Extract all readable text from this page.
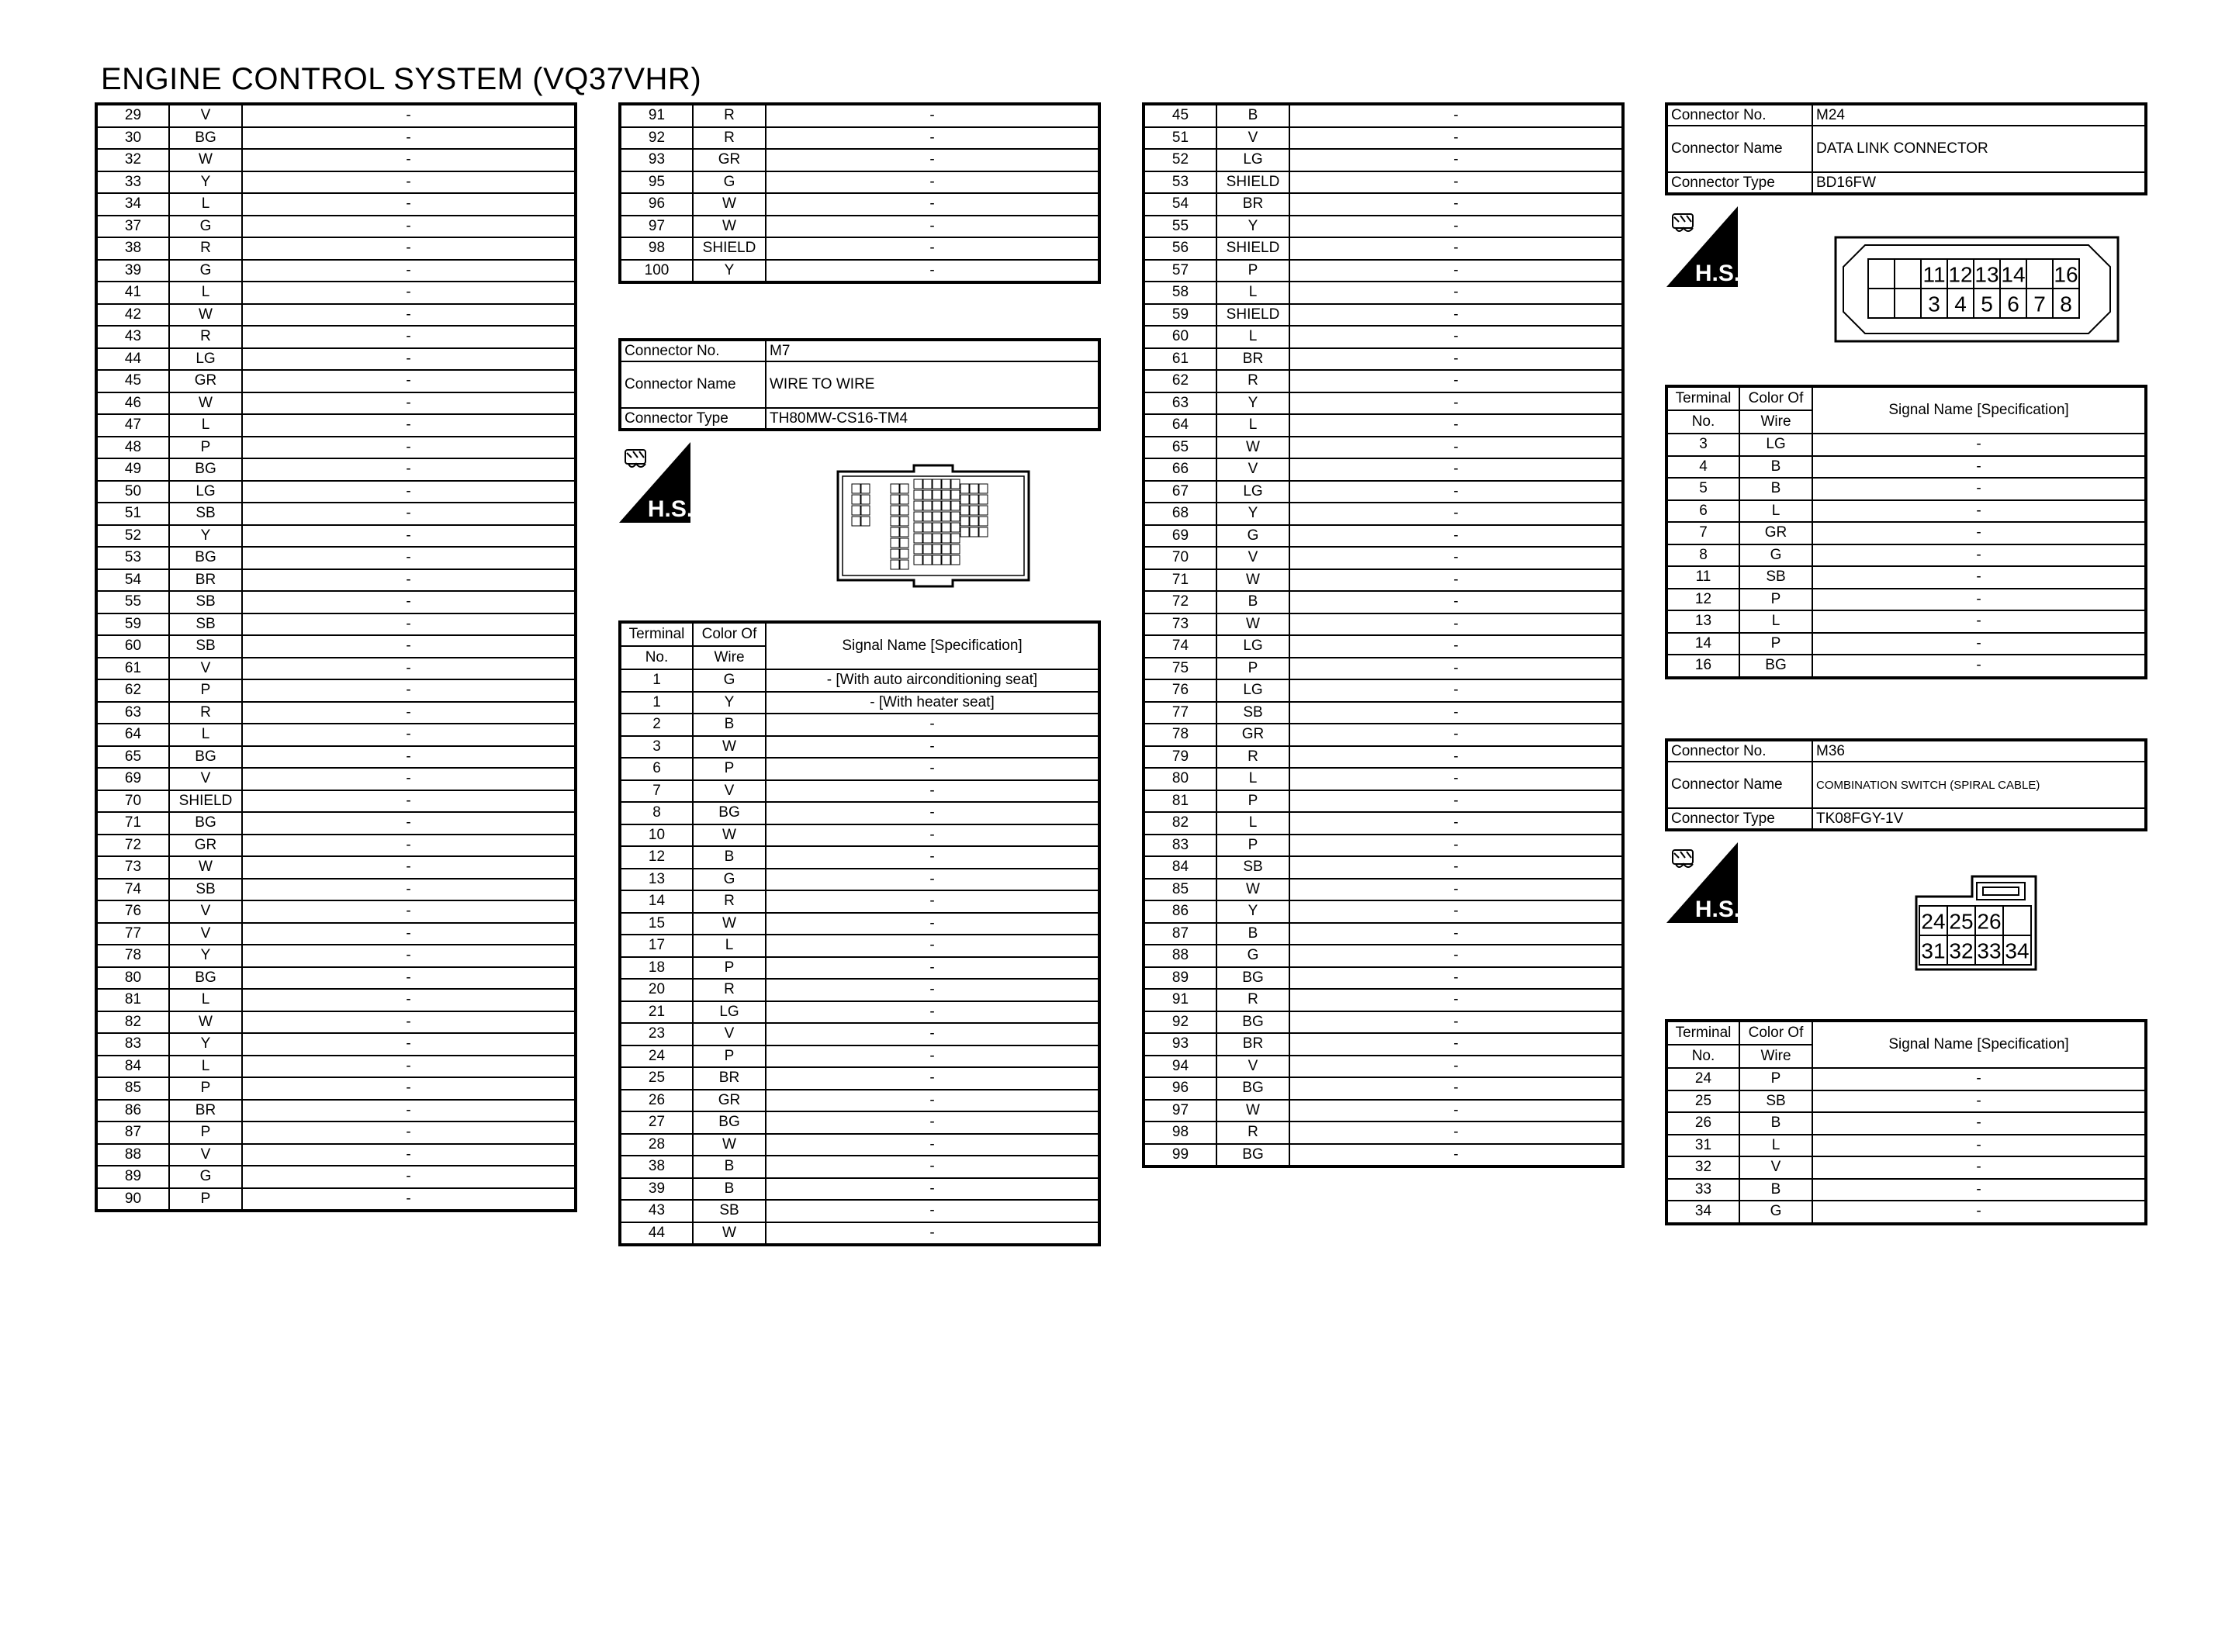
ENGINE CONTROL SYSTEM (VQ37VHR)
29	V	-
30	BG	-
32	W	-
33	Y	-
34	L	-
37	G	-
38	R	-
39	G	-
41	L	-
42	W	-
43	R	-
44	LG	-
45	GR	-
46	W	-
47	L	-
48	P	-
49	BG	-
50	LG	-
51	SB	-
52	Y	-
53	BG	-
54	BR	-
55	SB	-
59	SB	-
60	SB	-
61	V	-
62	P	-
63	R	-
64	L	-
65	BG	-
69	V	-
70	SHIELD	-
71	BG	-
72	GR	-
73	W	-
74	SB	-
76	V	-
77	V	-
78	Y	-
80	BG	-
81	L	-
82	W	-
83	Y	-
84	L	-
85	P	-
86	BR	-
87	P	-
88	V	-
89	G	-
90	P	-
91	R	-
92	R	-
93	GR	-
95	G	-
96	W	-
97	W	-
98	SHIELD	-
100	Y	-
Connector No.	M7
Connector Name	WIRE TO WIRE
Connector Type	TH80MW-CS16-TM4
H.S.
Terminal	Color Of	Signal Name [Specification]
No.	Wire	
1	G	- [With auto airconditioning seat]
1	Y	- [With heater seat]
2	B	-
3	W	-
6	P	-
7	V	-
8	BG	-
10	W	-
12	B	-
13	G	-
14	R	-
15	W	-
17	L	-
18	P	-
20	R	-
21	LG	-
23	V	-
24	P	-
25	BR	-
26	GR	-
27	BG	-
28	W	-
38	B	-
39	B	-
43	SB	-
44	W	-
45	B	-
51	V	-
52	LG	-
53	SHIELD	-
54	BR	-
55	Y	-
56	SHIELD	-
57	P	-
58	L	-
59	SHIELD	-
60	L	-
61	BR	-
62	R	-
63	Y	-
64	L	-
65	W	-
66	V	-
67	LG	-
68	Y	-
69	G	-
70	V	-
71	W	-
72	B	-
73	W	-
74	LG	-
75	P	-
76	LG	-
77	SB	-
78	GR	-
79	R	-
80	L	-
81	P	-
82	L	-
83	P	-
84	SB	-
85	W	-
86	Y	-
87	B	-
88	G	-
89	BG	-
91	R	-
92	BG	-
93	BR	-
94	V	-
96	BG	-
97	W	-
98	R	-
99	BG	-
Connector No.	M24
Connector Name	DATA LINK CONNECTOR
Connector Type	BD16FW
H.S.	11 12 13 14 16
3 4 5 6 7 8
Terminal	Color Of	Signal Name [Specification]
No.	Wire	
3	LG	-
4	B	-
5	B	-
6	L	-
7	GR	-
8	G	-
11	SB	-
12	P	-
13	L	-
14	P	-
16	BG	-
Connector No.	M36
Connector Name	COMBINATION SWITCH (SPIRAL CABLE)
Connector Type	TK08FGY-1V
H.S.	24 25 26
31 32 33 34
Terminal	Color Of	Signal Name [Specification]
No.	Wire	
24	P	-
25	SB	-
26	B	-
31	L	-
32	V	-
33	B	-
34	G	-
